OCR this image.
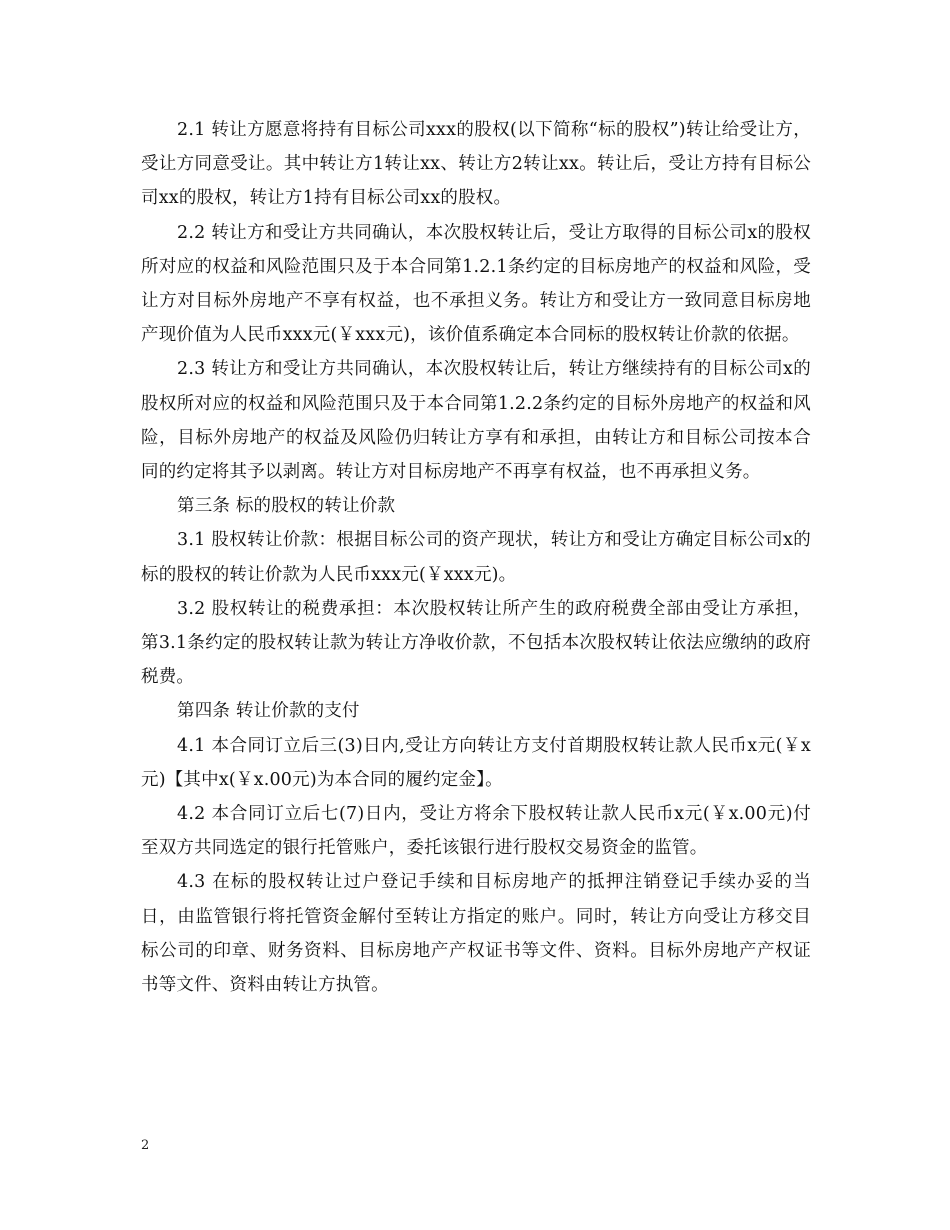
2.1 转让方愿意将持有目标公司xxx的股权(以下简称“标的股权”)转让给受让方，受让方同意受让。其中转让方1转让xx、转让方2转让xx。转让后，受让方持有目标公司xx的股权，转让方1持有目标公司xx的股权。

2.2 转让方和受让方共同确认，本次股权转让后，受让方取得的目标公司x的股权所对应的权益和风险范围只及于本合同第1.2.1条约定的目标房地产的权益和风险，受让方对目标外房地产不享有权益，也不承担义务。转让方和受让方一致同意目标房地产现价值为人民币xxx元(￥xxx元)，该价值系确定本合同标的股权转让价款的依据。

2.3 转让方和受让方共同确认，本次股权转让后，转让方继续持有的目标公司x的股权所对应的权益和风险范围只及于本合同第1.2.2条约定的目标外房地产的权益和风险，目标外房地产的权益及风险仍归转让方享有和承担，由转让方和目标公司按本合同的约定将其予以剥离。转让方对目标房地产不再享有权益，也不再承担义务。

第三条 标的股权的转让价款

3.1 股权转让价款：根据目标公司的资产现状，转让方和受让方确定目标公司x的标的股权的转让价款为人民币xxx元(￥xxx元)。

3.2 股权转让的税费承担：本次股权转让所产生的政府税费全部由受让方承担，第3.1条约定的股权转让款为转让方净收价款，不包括本次股权转让依法应缴纳的政府税费。

第四条 转让价款的支付

4.1 本合同订立后三(3)日内,受让方向转让方支付首期股权转让款人民币x元(￥x元)【其中x(￥x.00元)为本合同的履约定金】。

4.2 本合同订立后七(7)日内，受让方将余下股权转让款人民币x元(￥x.00元)付至双方共同选定的银行托管账户，委托该银行进行股权交易资金的监管。

4.3 在标的股权转让过户登记手续和目标房地产的抵押注销登记手续办妥的当日，由监管银行将托管资金解付至转让方指定的账户。同时，转让方向受让方移交目标公司的印章、财务资料、目标房地产产权证书等文件、资料。目标外房地产产权证书等文件、资料由转让方执管。

2
